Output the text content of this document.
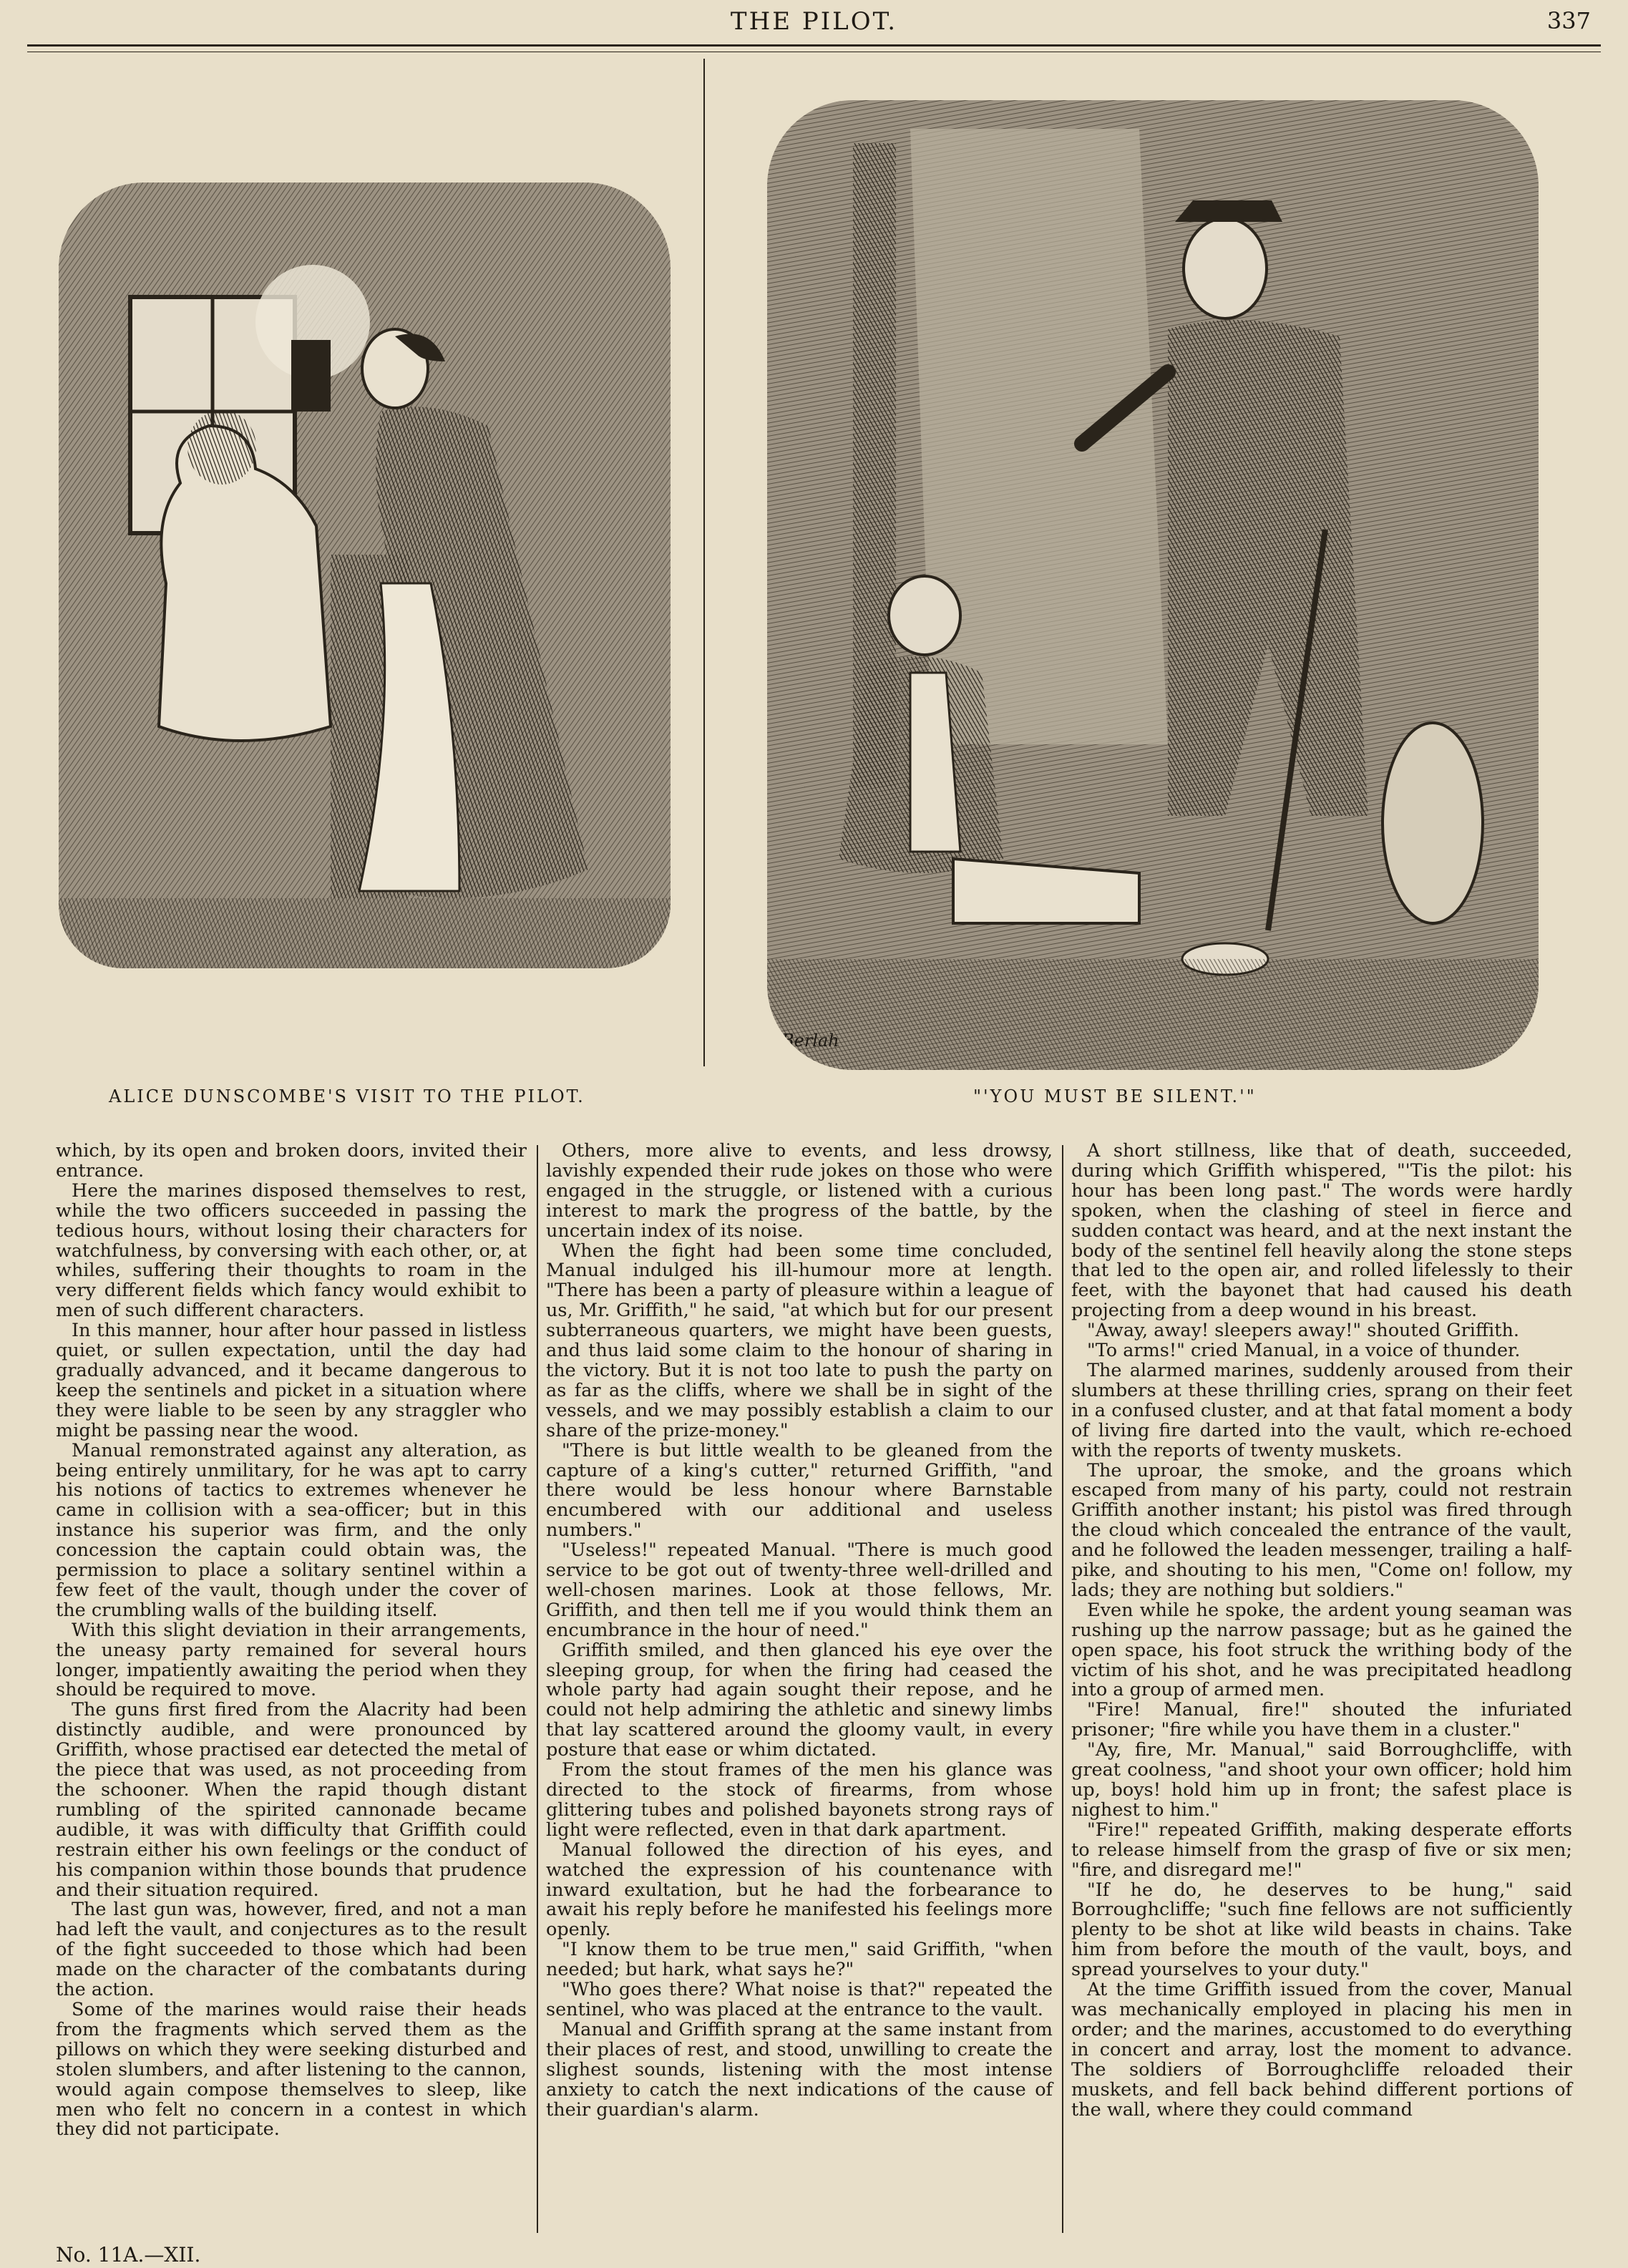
THE PILOT.	337
ALICE DUNSCOMBE'S VISIT TO THE PILOT.
Berlah
"'YOU MUST BE SILENT.'"

which, by its open and broken doors, invited their entrance.

Here the marines disposed themselves to rest, while the two officers succeeded in passing the tedious hours, without losing their characters for watchfulness, by conversing with each other, or, at whiles, suffering their thoughts to roam in the very different fields which fancy would exhibit to men of such different characters.

In this manner, hour after hour passed in listless quiet, or sullen expectation, until the day had gradually advanced, and it became dangerous to keep the sentinels and picket in a situation where they were liable to be seen by any straggler who might be passing near the wood.

Manual remonstrated against any alteration, as being entirely unmilitary, for he was apt to carry his notions of tactics to extremes whenever he came in collision with a sea-officer; but in this instance his superior was firm, and the only concession the captain could obtain was, the permission to place a solitary sentinel within a few feet of the vault, though under the cover of the crumbling walls of the building itself.

With this slight deviation in their arrangements, the uneasy party remained for several hours longer, impatiently awaiting the period when they should be required to move.

The guns first fired from the Alacrity had been distinctly audible, and were pronounced by Griffith, whose practised ear detected the metal of the piece that was used, as not proceeding from the schooner. When the rapid though distant rumbling of the spirited cannonade became audible, it was with difficulty that Griffith could restrain either his own feelings or the conduct of his companion within those bounds that prudence and their situation required.

The last gun was, however, fired, and not a man had left the vault, and conjectures as to the result of the fight succeeded to those which had been made on the character of the combatants during the action.

Some of the marines would raise their heads from the fragments which served them as the pillows on which they were seeking disturbed and stolen slumbers, and after listening to the cannon, would again compose themselves to sleep, like men who felt no concern in a contest in which they did not participate.

Others, more alive to events, and less drowsy, lavishly expended their rude jokes on those who were engaged in the struggle, or listened with a curious interest to mark the progress of the battle, by the uncertain index of its noise.

When the fight had been some time concluded, Manual indulged his ill-humour more at length. "There has been a party of pleasure within a league of us, Mr. Griffith," he said, "at which but for our present subterraneous quarters, we might have been guests, and thus laid some claim to the honour of sharing in the victory. But it is not too late to push the party on as far as the cliffs, where we shall be in sight of the vessels, and we may possibly establish a claim to our share of the prize-money."

"There is but little wealth to be gleaned from the capture of a king's cutter," returned Griffith, "and there would be less honour where Barnstable encumbered with our additional and useless numbers."

"Useless!" repeated Manual. "There is much good service to be got out of twenty-three well-drilled and well-chosen marines. Look at those fellows, Mr. Griffith, and then tell me if you would think them an encumbrance in the hour of need."

Griffith smiled, and then glanced his eye over the sleeping group, for when the firing had ceased the whole party had again sought their repose, and he could not help admiring the athletic and sinewy limbs that lay scattered around the gloomy vault, in every posture that ease or whim dictated.

From the stout frames of the men his glance was directed to the stock of firearms, from whose glittering tubes and polished bayonets strong rays of light were reflected, even in that dark apartment.

Manual followed the direction of his eyes, and watched the expression of his countenance with inward exultation, but he had the forbearance to await his reply before he manifested his feelings more openly.

"I know them to be true men," said Griffith, "when needed; but hark, what says he?"

"Who goes there? What noise is that?" repeated the sentinel, who was placed at the entrance to the vault.

Manual and Griffith sprang at the same instant from their places of rest, and stood, unwilling to create the slighest sounds, listening with the most intense anxiety to catch the next indications of the cause of their guardian's alarm.

A short stillness, like that of death, succeeded, during which Griffith whispered, "'Tis the pilot: his hour has been long past." The words were hardly spoken, when the clashing of steel in fierce and sudden contact was heard, and at the next instant the body of the sentinel fell heavily along the stone steps that led to the open air, and rolled lifelessly to their feet, with the bayonet that had caused his death projecting from a deep wound in his breast.

"Away, away! sleepers away!" shouted Griffith.

"To arms!" cried Manual, in a voice of thunder.

The alarmed marines, suddenly aroused from their slumbers at these thrilling cries, sprang on their feet in a confused cluster, and at that fatal moment a body of living fire darted into the vault, which re-echoed with the reports of twenty muskets.

The uproar, the smoke, and the groans which escaped from many of his party, could not restrain Griffith another instant; his pistol was fired through the cloud which concealed the entrance of the vault, and he followed the leaden messenger, trailing a half-pike, and shouting to his men, "Come on! follow, my lads; they are nothing but soldiers."

Even while he spoke, the ardent young seaman was rushing up the narrow passage; but as he gained the open space, his foot struck the writhing body of the victim of his shot, and he was precipitated headlong into a group of armed men.

"Fire! Manual, fire!" shouted the infuriated prisoner; "fire while you have them in a cluster."

"Ay, fire, Mr. Manual," said Borroughcliffe, with great coolness, "and shoot your own officer; hold him up, boys! hold him up in front; the safest place is nighest to him."

"Fire!" repeated Griffith, making desperate efforts to release himself from the grasp of five or six men; "fire, and disregard me!"

"If he do, he deserves to be hung," said Borroughcliffe; "such fine fellows are not sufficiently plenty to be shot at like wild beasts in chains. Take him from before the mouth of the vault, boys, and spread yourselves to your duty."

At the time Griffith issued from the cover, Manual was mechanically employed in placing his men in order; and the marines, accustomed to do everything in concert and array, lost the moment to advance. The soldiers of Borroughcliffe reloaded their muskets, and fell back behind different portions of the wall, where they could command

No. 11A.—XII.
